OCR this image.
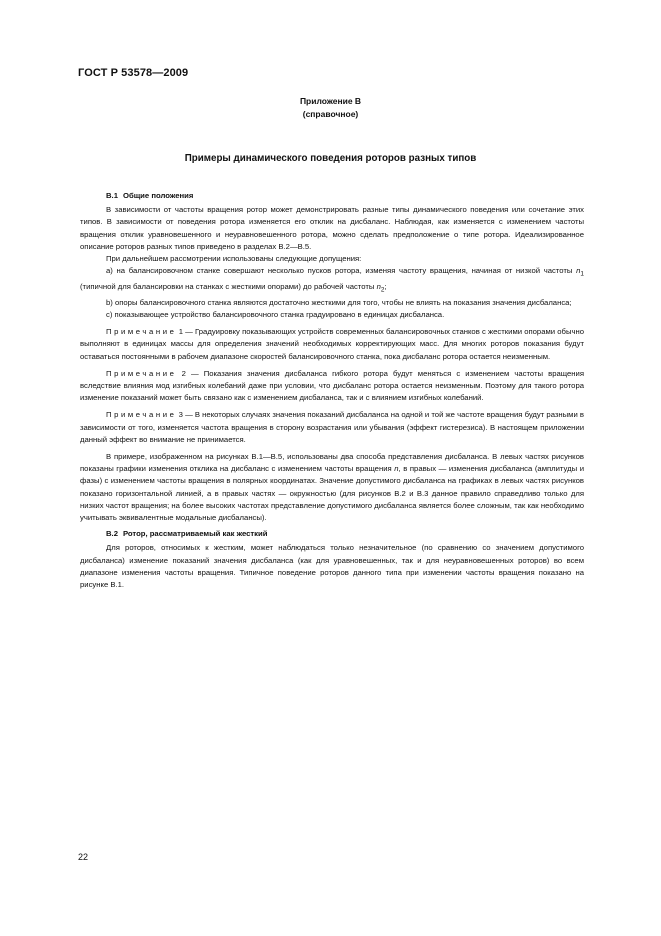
ГОСТ Р 53578—2009
Приложение В
(справочное)
Примеры динамического поведения роторов разных типов
В.1 Общие положения

В зависимости от частоты вращения ротор может демонстрировать разные типы динамического поведения или сочетание этих типов. В зависимости от поведения ротора изменяется его отклик на дисбаланс. Наблюдая, как изменяется с изменением частоты вращения отклик уравновешенного и неуравновешенного ротора, можно сделать предположение о типе ротора. Идеализированное описание роторов разных типов приведено в разделах В.2—В.5.

При дальнейшем рассмотрении использованы следующие допущения:

а) на балансировочном станке совершают несколько пусков ротора, изменяя частоту вращения, начиная от низкой частоты $n_1$ (типичной для балансировки на станках с жесткими опорами) до рабочей частоты $n_2$;

b) опоры балансировочного станка являются достаточно жесткими для того, чтобы не влиять на показания значения дисбаланса;

c) показывающее устройство балансировочного станка градуировано в единицах дисбаланса.

Примечание 1 — Градуировку показывающих устройств современных балансировочных станков с жесткими опорами обычно выполняют в единицах массы для определения значений необходимых корректирующих масс. Для многих роторов показания будут оставаться постоянными в рабочем диапазоне скоростей балансировочного станка, пока дисбаланс ротора остается неизменным.

Примечание 2 — Показания значения дисбаланса гибкого ротора будут меняться с изменением частоты вращения вследствие влияния мод изгибных колебаний даже при условии, что дисбаланс ротора остается неизменным. Поэтому для такого ротора изменение показаний может быть связано как с изменением дисбаланса, так и с влиянием изгибных колебаний.

Примечание 3 — В некоторых случаях значения показаний дисбаланса на одной и той же частоте вращения будут разными в зависимости от того, изменяется частота вращения в сторону возрастания или убывания (эффект гистерезиса). В настоящем приложении данный эффект во внимание не принимается.

В примере, изображенном на рисунках В.1—В.5, использованы два способа представления дисбаланса. В левых частях рисунков показаны графики изменения отклика на дисбаланс с изменением частоты вращения n, в правых — изменения дисбаланса (амплитуды и фазы) с изменением частоты вращения в полярных координатах. Значение допустимого дисбаланса на графиках в левых частях рисунков показано горизонтальной линией, а в правых частях — окружностью (для рисунков В.2 и В.3 данное правило справедливо только для низких частот вращения; на более высоких частотах представление допустимого дисбаланса является более сложным, так как необходимо учитывать эквивалентные модальные дисбалансы).

В.2 Ротор, рассматриваемый как жесткий

Для роторов, относимых к жестким, может наблюдаться только незначительное (по сравнению со значением допустимого дисбаланса) изменение показаний значения дисбаланса (как для уравновешенных, так и для неуравновешенных роторов) во всем диапазоне изменения частоты вращения. Типичное поведение роторов данного типа при изменении частоты вращения показано на рисунке В.1.

22
